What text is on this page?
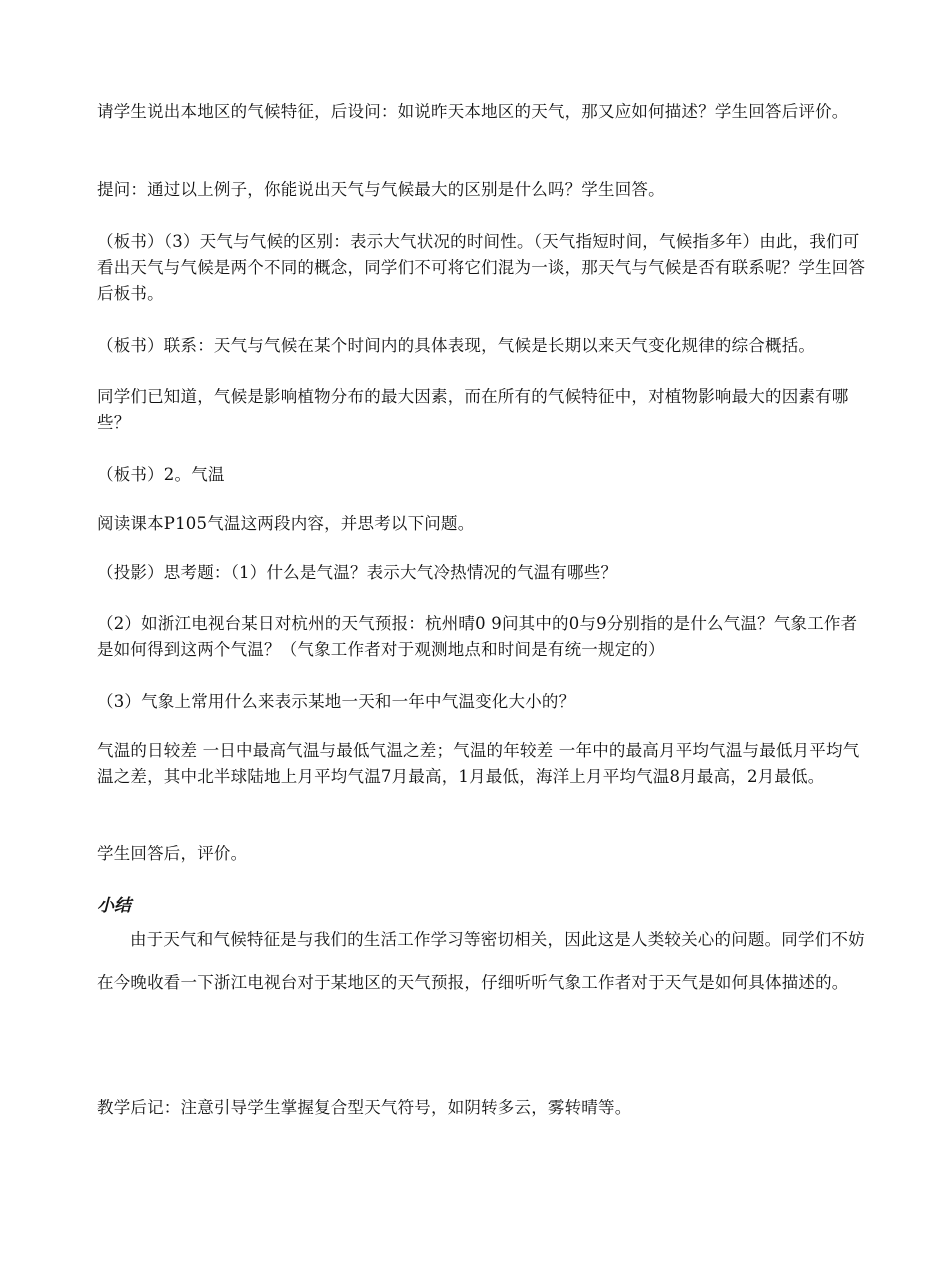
请学生说出本地区的气候特征，后设问：如说昨天本地区的天气，那又应如何描述？学生回答后评价。

提问：通过以上例子，你能说出天气与气候最大的区别是什么吗？学生回答。

（板书）（3）天气与气候的区别：表示大气状况的时间性。（天气指短时间，气候指多年）由此，我们可看出天气与气候是两个不同的概念，同学们不可将它们混为一谈，那天气与气候是否有联系呢？学生回答后板书。

（板书）联系：天气与气候在某个时间内的具体表现，气候是长期以来天气变化规律的综合概括。

同学们已知道，气候是影响植物分布的最大因素，而在所有的气候特征中，对植物影响最大的因素有哪些？

（板书）2。气温

阅读课本P105气温这两段内容，并思考以下问题。

（投影）思考题：（1）什么是气温？表示大气冷热情况的气温有哪些？

（2）如浙江电视台某日对杭州的天气预报：杭州晴0 9问其中的0与9分别指的是什么气温？气象工作者是如何得到这两个气温？（气象工作者对于观测地点和时间是有统一规定的）

（3）气象上常用什么来表示某地一天和一年中气温变化大小的？

气温的日较差 一日中最高气温与最低气温之差；气温的年较差 一年中的最高月平均气温与最低月平均气温之差，其中北半球陆地上月平均气温7月最高，1月最低，海洋上月平均气温8月最高，2月最低。

学生回答后，评价。

小结

由于天气和气候特征是与我们的生活工作学习等密切相关，因此这是人类较关心的问题。同学们不妨在今晚收看一下浙江电视台对于某地区的天气预报，仔细听听气象工作者对于天气是如何具体描述的。

教学后记：注意引导学生掌握复合型天气符号，如阴转多云，雾转晴等。
